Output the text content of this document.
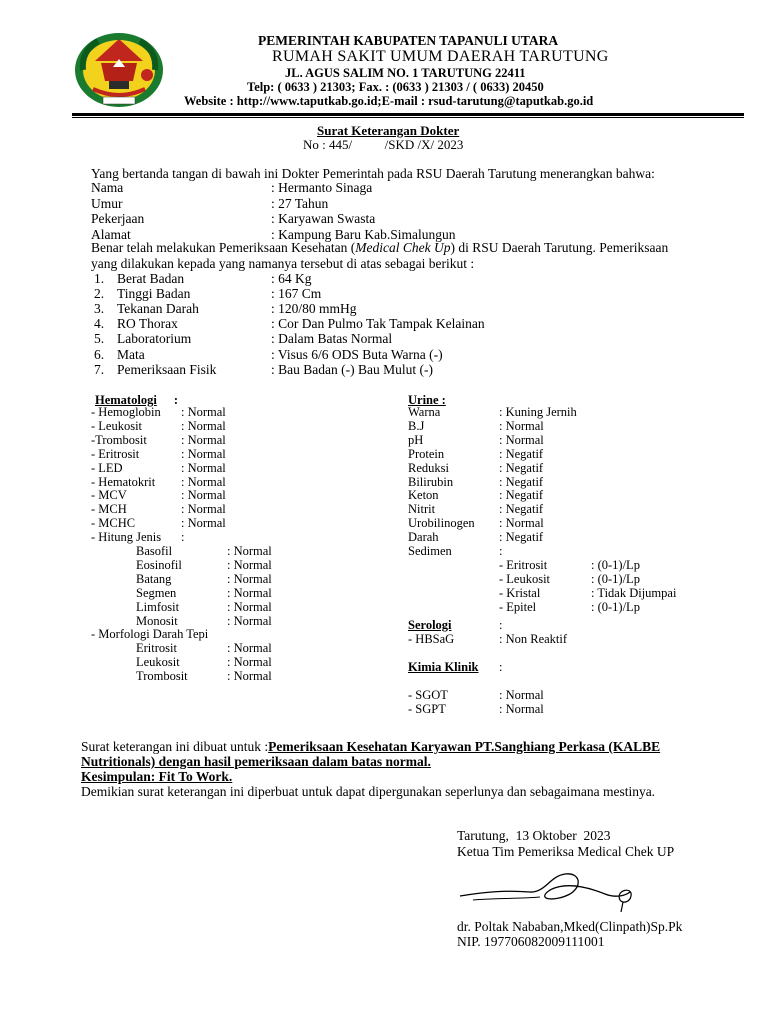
PEMERINTAH KABUPATEN TAPANULI UTARA
RUMAH SAKIT UMUM DAERAH TARUTUNG
JL. AGUS SALIM NO. 1 TARUTUNG 22411
Telp: ( 0633 ) 21303; Fax. : (0633 ) 21303 / ( 0633) 20450
Website : http://www.taputkab.go.id;E-mail : rsud-tarutung@taputkab.go.id
Surat Keterangan Dokter
No : 445/          /SKD /X/ 2023
Yang bertanda tangan di bawah ini Dokter Pemerintah pada RSU Daerah Tarutung menerangkan bahwa:
Nama	: Hermanto Sinaga
Umur	: 27 Tahun
Pekerjaan	: Karyawan Swasta
Alamat	: Kampung Baru Kab.Simalungun
Benar telah melakukan Pemeriksaan Kesehatan (Medical Chek Up) di RSU Daerah Tarutung. Pemeriksaan
yang dilakukan kepada yang namanya tersebut di atas sebagai berikut :
1. Berat Badan	: 64 Kg
2. Tinggi Badan	: 167 Cm
3. Tekanan Darah	: 120/80 mmHg
4. RO Thorax	: Cor Dan Pulmo Tak Tampak Kelainan
5. Laboratorium	: Dalam Batas Normal
6. Mata	: Visus 6/6 ODS Buta Warna (-)
7. Pemeriksaan Fisik	: Bau Badan (-) Bau Mulut (-)
Hematologi :
- Hemoglobin : Normal
- Leukosit	: Normal
-Trombosit	: Normal
- Eritrosit	: Normal
- LED	: Normal
- Hematokrit : Normal
- MCV	: Normal
- MCH	: Normal
- MCHC	: Normal
- Hitung Jenis :
Basofil	: Normal
Eosinofil	: Normal
Batang	: Normal
Segmen	: Normal
Limfosit	: Normal
Monosit	: Normal
- Morfologi Darah Tepi
Eritrosit	: Normal
Leukosit	: Normal
Trombosit	: Normal
Urine :
Warna	: Kuning Jernih
B.J	: Normal
pH	: Normal
Protein	: Negatif
Reduksi	: Negatif
Bilirubin	: Negatif
Keton	: Negatif
Nitrit	: Negatif
Urobilinogen : Normal
Darah	: Negatif
Sedimen	:
- Eritrosit	: (0-1)/Lp
- Leukosit	: (0-1)/Lp
- Kristal	: Tidak Dijumpai
- Epitel	: (0-1)/Lp
Serologi	:
- HBSaG	: Non Reaktif
Kimia Klinik :
- SGOT	: Normal
- SGPT	: Normal
Surat keterangan ini dibuat untuk :Pemeriksaan Kesehatan Karyawan PT.Sanghiang Perkasa (KALBE
Nutritionals) dengan hasil pemeriksaan dalam batas normal.
Kesimpulan: Fit To Work.
Demikian surat keterangan ini diperbuat untuk dapat dipergunakan seperlunya dan sebagaimana mestinya.
Tarutung,  13 Oktober  2023
Ketua Tim Pemeriksa Medical Chek UP
dr. Poltak Nababan,Mked(Clinpath)Sp.Pk
NIP. 197706082009111001
